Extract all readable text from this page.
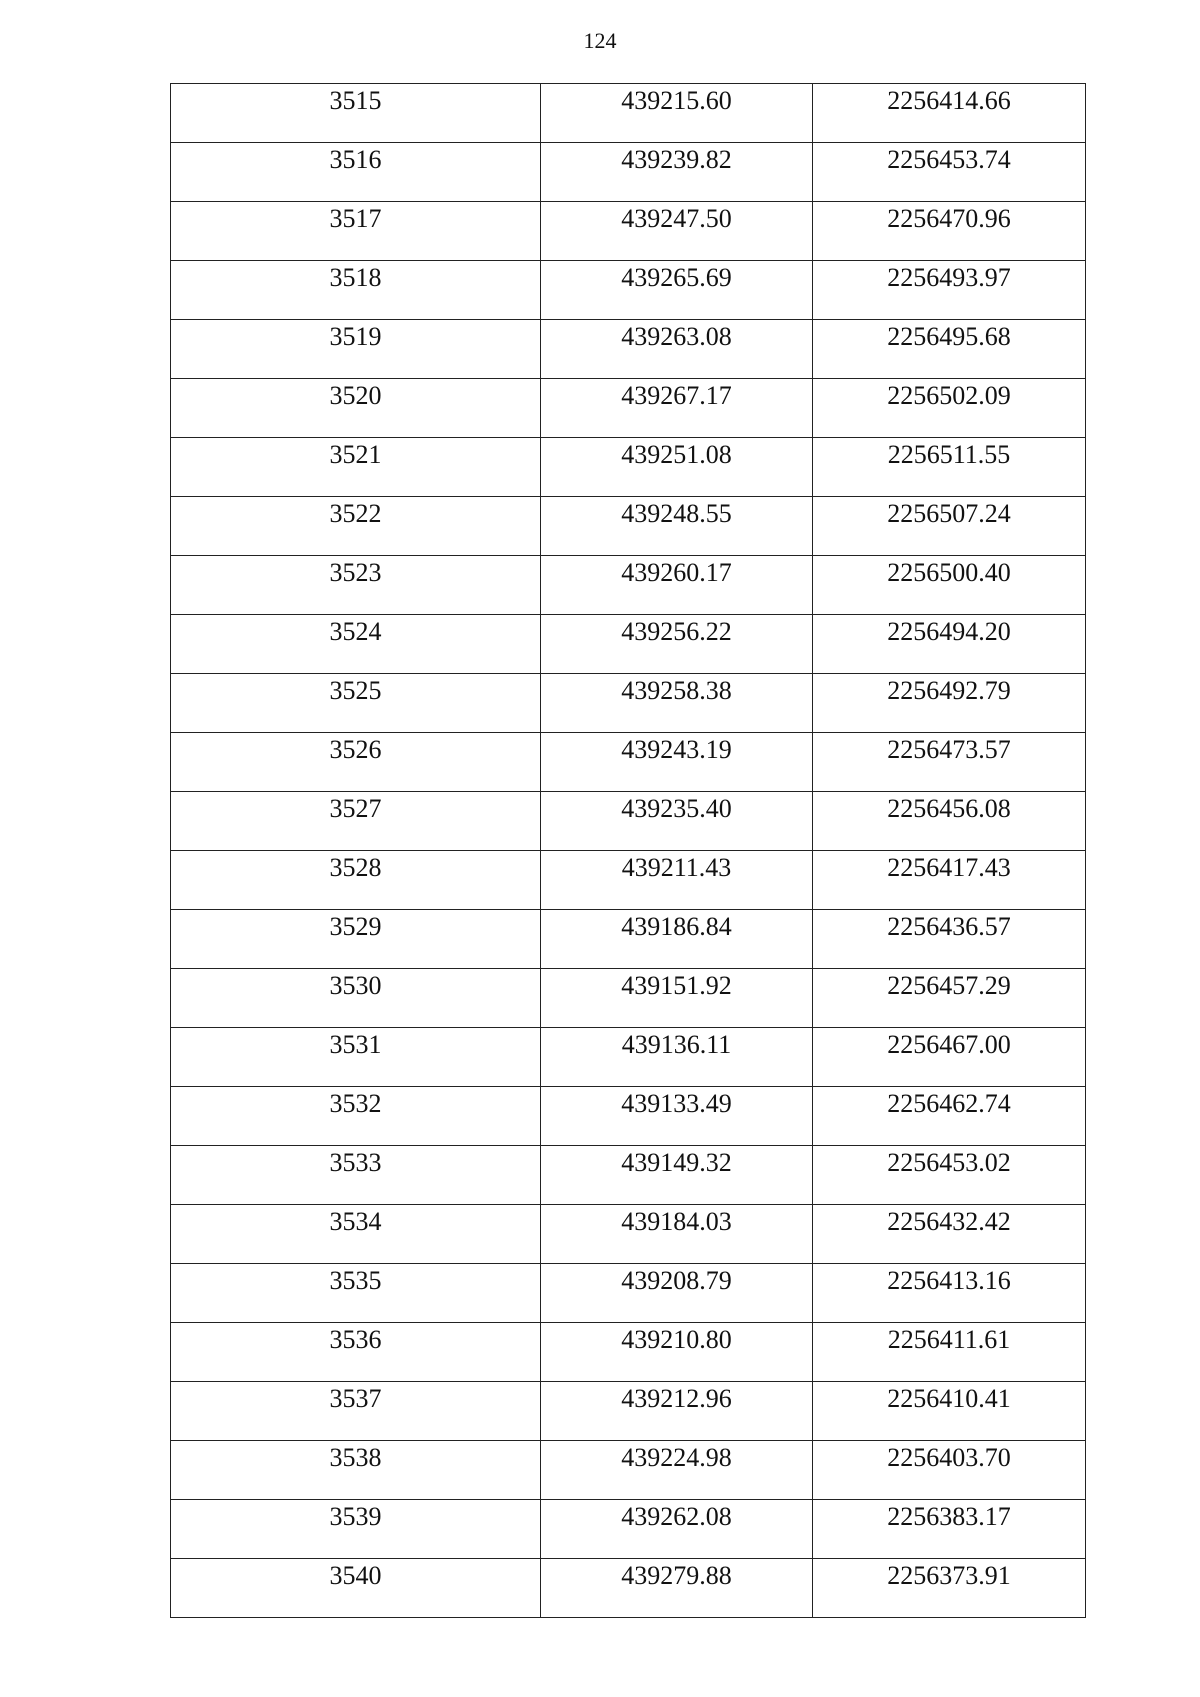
124
3515	439215.60	2256414.66

3516	439239.82	2256453.74

3517	439247.50	2256470.96

3518	439265.69	2256493.97

3519	439263.08	2256495.68

3520	439267.17	2256502.09

3521	439251.08	2256511.55

3522	439248.55	2256507.24

3523	439260.17	2256500.40

3524	439256.22	2256494.20

3525	439258.38	2256492.79

3526	439243.19	2256473.57

3527	439235.40	2256456.08

3528	439211.43	2256417.43

3529	439186.84	2256436.57

3530	439151.92	2256457.29

3531	439136.11	2256467.00

3532	439133.49	2256462.74

3533	439149.32	2256453.02

3534	439184.03	2256432.42

3535	439208.79	2256413.16

3536	439210.80	2256411.61

3537	439212.96	2256410.41

3538	439224.98	2256403.70

3539	439262.08	2256383.17

3540	439279.88	2256373.91
